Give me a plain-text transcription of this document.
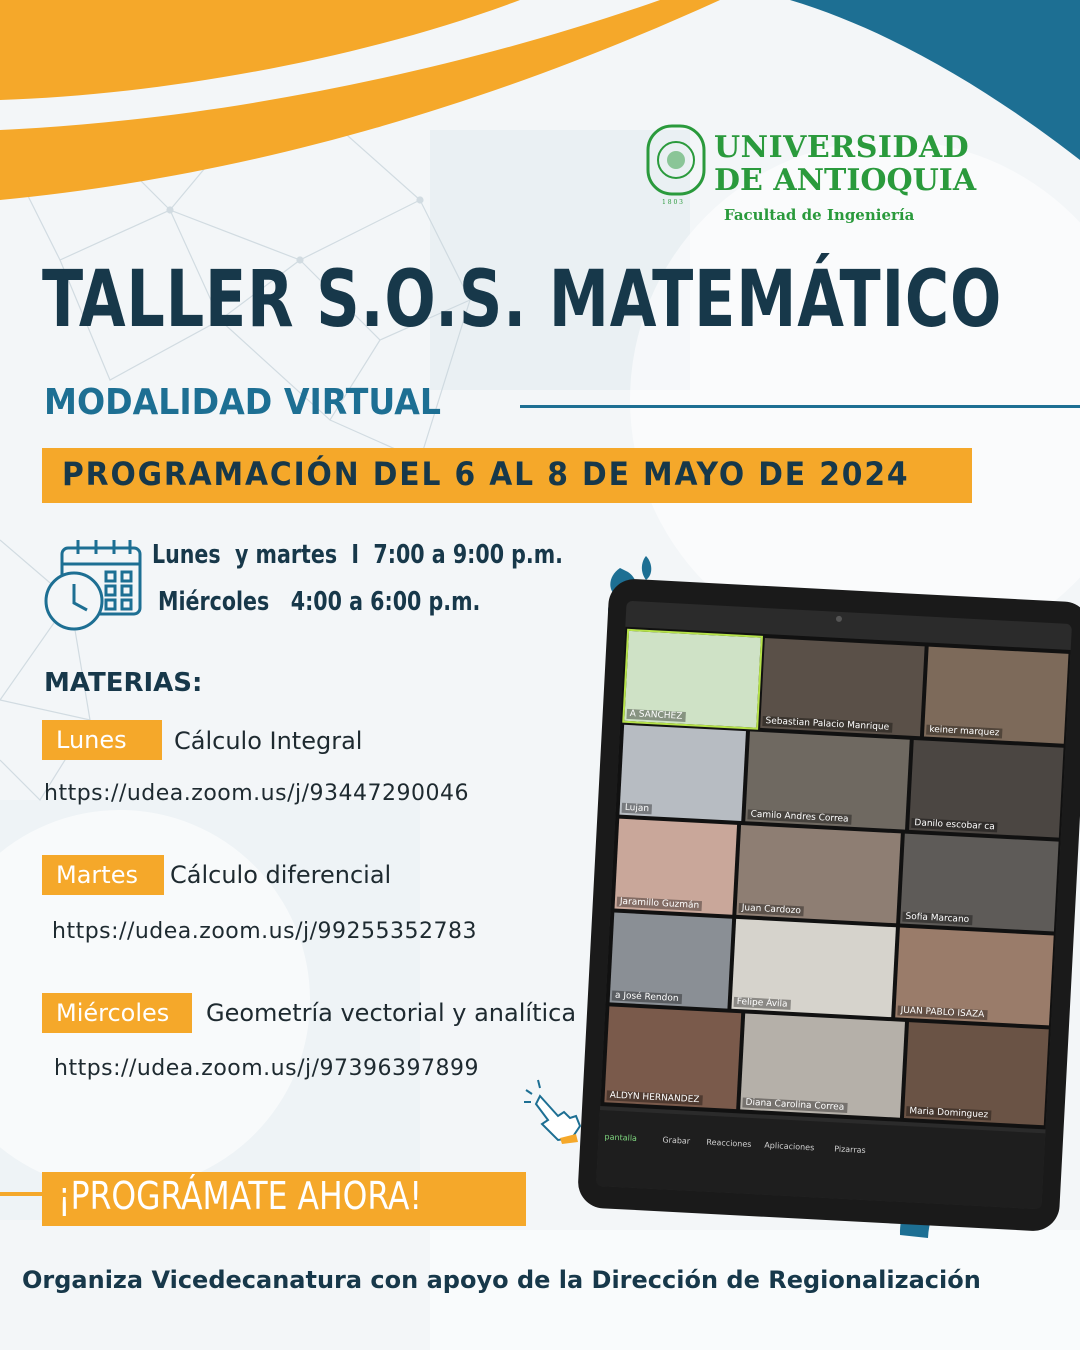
1 8 0 3
UNIVERSIDAD
DE ANTIOQUIA
Facultad de Ingeniería
TALLER S.O.S. MATEMÁTICO
MODALIDAD VIRTUAL
PROGRAMACIÓN DEL 6 AL 8 DE MAYO DE 2024
Lunes  y martes  I  7:00 a 9:00 p.m.
Miércoles   4:00 a 6:00 p.m.
MATERIAS:
Lunes	Cálculo Integral
https://udea.zoom.us/j/93447290046
Martes	Cálculo diferencial
https://udea.zoom.us/j/99255352783
Miércoles	Geometría vectorial y analítica
https://udea.zoom.us/j/97396397899
A SANCHEZ
Sebastian Palacio Manrique	keiner marquez
Lujan
Camilo Andres Correa
Danilo escobar ca
Jaramillo Guzmán	Juan Cardozo
Sofia Marcano
a José Rendon	Felipe Ávila
JUAN PABLO ISAZA
ALDYN HERNANDEZ	Diana Carolina Correa
Maria Dominguez
pantalla	Grabar Reacciones Aplicaciones Pizarras
¡PROGRÁMATE AHORA!
Organiza Vicedecanatura con apoyo de la Dirección de Regionalización
